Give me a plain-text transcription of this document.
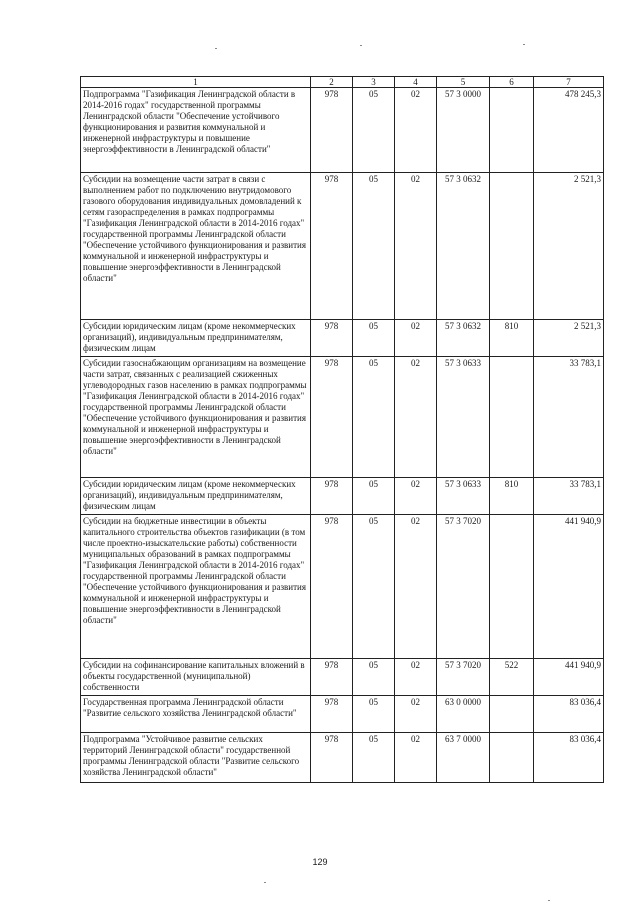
1	2	3	4	5	6	7
Подпрограмма "Газификация Ленинградской области в 2014-2016 годах" государственной программы Ленинградской области "Обеспечение устойчивого функционирования и развития коммунальной и инженерной инфраструктуры и повышение энергоэффективности в Ленинградской области"	978	05	02	57 3 0000		478 245,3
Субсидии на возмещение части затрат в связи с выполнением работ по подключению внутридомового газового оборудования индивидуальных домовладений к сетям газораспределения в рамках подпрограммы "Газификация Ленинградской области в 2014-2016 годах" государственной программы Ленинградской области "Обеспечение устойчивого функционирования и развития коммунальной и инженерной инфраструктуры и повышение энергоэффективности в Ленинградской области"	978	05	02	57 3 0632		2 521,3
Субсидии юридическим лицам (кроме некоммерческих организаций), индивидуальным предпринимателям, физическим лицам	978	05	02	57 3 0632	810	2 521,3
Субсидии газоснабжающим организациям на возмещение части затрат, связанных с реализацией сжиженных углеводородных газов населению в рамках подпрограммы "Газификация Ленинградской области в 2014-2016 годах" государственной программы Ленинградской области "Обеспечение устойчивого функционирования и развития коммунальной и инженерной инфраструктуры и повышение энергоэффективности в Ленинградской области"	978	05	02	57 3 0633		33 783,1
Субсидии юридическим лицам (кроме некоммерческих организаций), индивидуальным предпринимателям, физическим лицам	978	05	02	57 3 0633	810	33 783,1
Субсидии на бюджетные инвестиции в объекты капитального строительства объектов газификации (в том числе проектно-изыскательские работы) собственности муниципальных образований в рамках подпрограммы "Газификация Ленинградской области в 2014-2016 годах" государственной программы Ленинградской области "Обеспечение устойчивого функционирования и развития коммунальной и инженерной инфраструктуры и повышение энергоэффективности в Ленинградской области"	978	05	02	57 3 7020		441 940,9
Субсидии на софинансирование капитальных вложений в объекты государственной (муниципальной) собственности	978	05	02	57 3 7020	522	441 940,9
Государственная программа Ленинградской области "Развитие сельского хозяйства Ленинградской области"	978	05	02	63 0 0000		83 036,4
Подпрограмма "Устойчивое развитие сельских территорий Ленинградской области" государственной программы Ленинградской области "Развитие сельского хозяйства Ленинградской области"	978	05	02	63 7 0000		83 036,4
129
